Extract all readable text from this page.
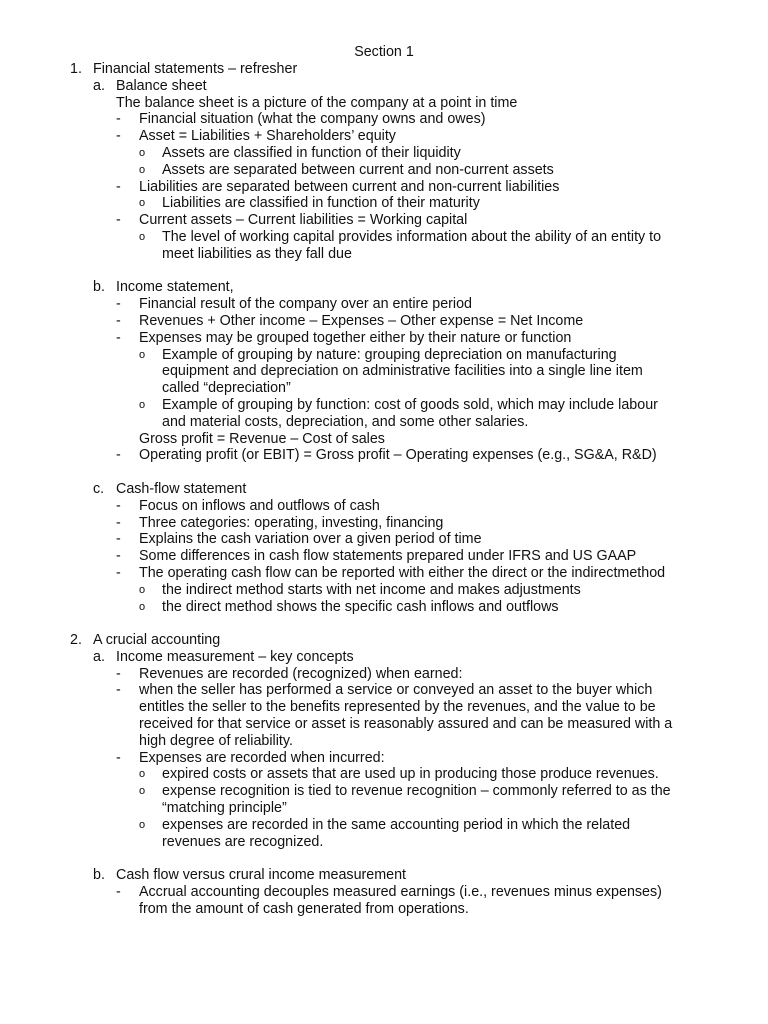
Section 1
1. Financial statements – refresher
a. Balance sheet
The balance sheet is a picture of the company at a point in time
- Financial situation (what the company owns and owes)
- Asset = Liabilities + Shareholders’ equity
o Assets are classified in function of their liquidity
o Assets are separated between current and non-current assets
- Liabilities are separated between current and non-current liabilities
o Liabilities are classified in function of their maturity
- Current assets – Current liabilities = Working capital
o The level of working capital provides information about the ability of an entity to
meet liabilities as they fall due
b. Income statement,
- Financial result of the company over an entire period
- Revenues + Other income – Expenses – Other expense = Net Income
- Expenses may be grouped together either by their nature or function
o Example of grouping by nature: grouping depreciation on manufacturing
equipment and depreciation on administrative facilities into a single line item
called “depreciation”
o Example of grouping by function: cost of goods sold, which may include labour
and material costs, depreciation, and some other salaries.
Gross profit = Revenue – Cost of sales
- Operating profit (or EBIT) = Gross profit – Operating expenses (e.g., SG&A, R&D)
c. Cash-flow statement
- Focus on inflows and outflows of cash
- Three categories: operating, investing, financing
- Explains the cash variation over a given period of time
- Some differences in cash flow statements prepared under IFRS and US GAAP
- The operating cash flow can be reported with either the direct or the indirectmethod
o the indirect method starts with net income and makes adjustments
o the direct method shows the specific cash inflows and outflows
2. A crucial accounting
a. Income measurement – key concepts
- Revenues are recorded (recognized) when earned:
- when the seller has performed a service or conveyed an asset to the buyer which
entitles the seller to the benefits represented by the revenues, and the value to be
received for that service or asset is reasonably assured and can be measured with a
high degree of reliability.
- Expenses are recorded when incurred:
o expired costs or assets that are used up in producing those produce revenues.
o expense recognition is tied to revenue recognition – commonly referred to as the
“matching principle”
o expenses are recorded in the same accounting period in which the related
revenues are recognized.
b. Cash flow versus crural income measurement
- Accrual accounting decouples measured earnings (i.e., revenues minus expenses)
from the amount of cash generated from operations.
